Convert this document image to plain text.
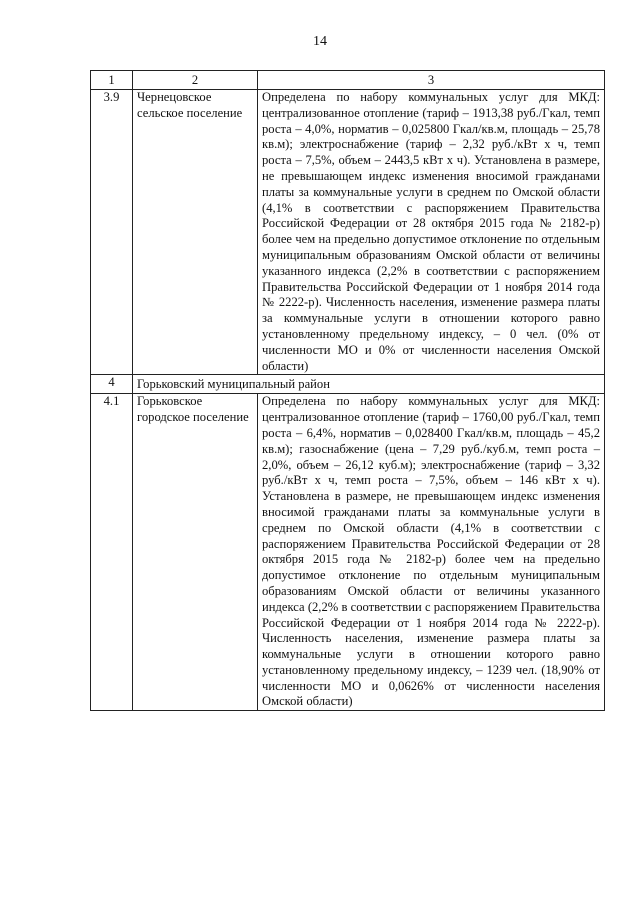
14
1	2	3
3.9	Чернецовское сельское поселение	Определена по набору коммунальных услуг для МКД: централизованное отопление (тариф – 1913,38 руб./Гкал, темп роста – 4,0%, норматив – 0,025800 Гкал/кв.м, площадь – 25,78 кв.м); электроснабжение (тариф – 2,32 руб./кВт х ч, темп роста – 7,5%, объем – 2443,5 кВт х ч). Установлена в размере, не превышающем индекс изменения вносимой гражданами платы за коммунальные услуги в среднем по Омской области (4,1% в соответствии с распоряжением Правительства Российской Федерации от 28 октября 2015 года № 2182-р) более чем на предельно допустимое отклонение по отдельным муниципальным образованиям Омской области от величины указанного индекса (2,2% в соответствии с распоряжением Правительства Российской Федерации от 1 ноября 2014 года № 2222-р). Численность населения, изменение размера платы за коммунальные услуги в отношении которого равно установленному предельному индексу, – 0 чел. (0% от численности МО и 0% от численности населения Омской области)
4	Горьковский муниципальный район	
4.1	Горьковское городское поселение	Определена по набору коммунальных услуг для МКД: централизованное отопление (тариф – 1760,00 руб./Гкал, темп роста – 6,4%, норматив – 0,028400 Гкал/кв.м, площадь – 45,2 кв.м); газоснабжение (цена – 7,29 руб./куб.м, темп роста – 2,0%, объем – 26,12 куб.м); электроснабжение (тариф – 3,32 руб./кВт х ч, темп роста – 7,5%, объем – 146 кВт х ч). Установлена в размере, не превышающем индекс изменения вносимой гражданами платы за коммунальные услуги в среднем по Омской области (4,1% в соответствии с распоряжением Правительства Российской Федерации от 28 октября 2015 года № 2182-р) более чем на предельно допустимое отклонение по отдельным муниципальным образованиям Омской области от величины указанного индекса (2,2% в соответствии с распоряжением Правительства Российской Федерации от 1 ноября 2014 года № 2222-р). Численность населения, изменение размера платы за коммунальные услуги в отношении которого равно установленному предельному индексу, – 1239 чел. (18,90% от численности МО и 0,0626% от численности населения Омской области)
